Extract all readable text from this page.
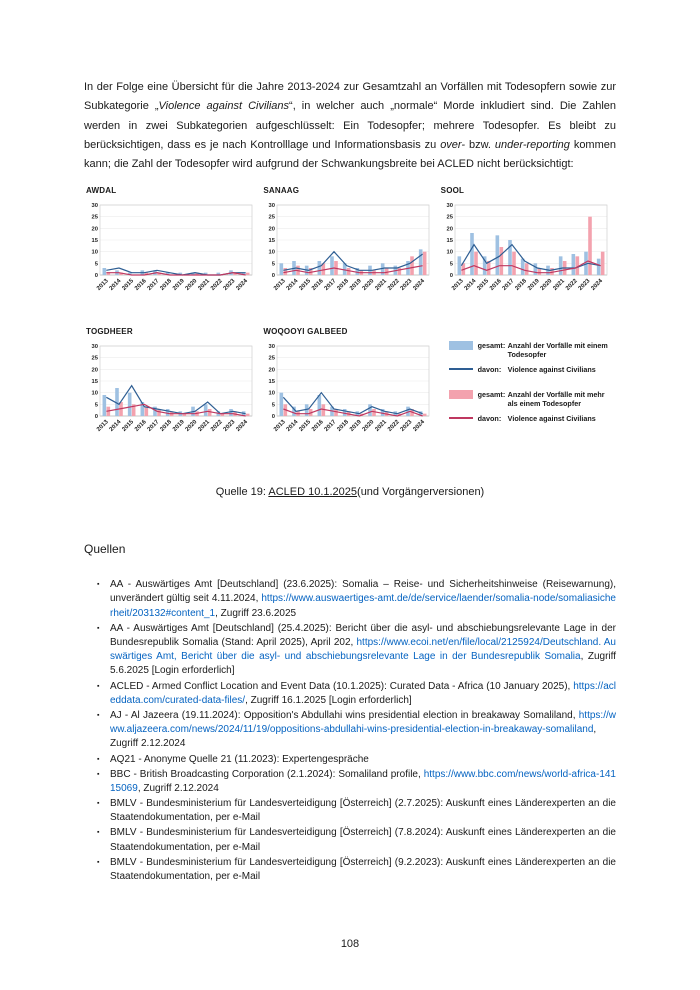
In der Folge eine Übersicht für die Jahre 2013-2024 zur Gesamtzahl an Vorfällen mit Todesopfern sowie zur Subkategorie „Violence against Civilians“, in welcher auch „normale“ Morde inkludiert sind. Die Zahlen werden in zwei Subkategorien aufgeschlüsselt: Ein Todesopfer; mehrere Todesopfer. Es bleibt zu berücksichtigen, dass es je nach Kontrolllage und Informationsbasis zu over- bzw. under-reporting kommen kann; die Zahl der Todesopfer wird aufgrund der Schwankungsbreite bei ACLED nicht berücksichtigt:

AWDAL
0
5
10
15
20
25
30
2013
2014
2015
2016
2017
2018
2019
2020
2021
2022
2023
2024
SANAAG
0
5
10
15
20
25
30
2013
2014
2015
2016
2017
2018
2019
2020
2021
2022
2023
2024
SOOL
0
5
10
15
20
25
30
2013
2014
2015
2016
2017
2018
2019
2020
2021
2022
2023
2024
TOGDHEER
0
5
10
15
20
25
30
2013
2014
2015
2016
2017
2018
2019
2020
2021
2022
2023
2024
WOQOOYI GALBEED
0
5
10
15
20
25
30
2013
2014
2015
2016
2017
2018
2019
2020
2021
2022
2023
2024
gesamt: Anzahl der Vorfälle mit einem Todesopfer
davon: Violence against Civilians
gesamt: Anzahl der Vorfälle mit mehr als einem Todesopfer
davon: Violence against Civilians
Quelle 19: ACLED 10.1.2025(und Vorgängerversionen)
Quellen
▪	AA - Auswärtiges Amt [Deutschland] (23.6.2025): Somalia – Reise- und Sicherheitshinweise (Reisewarnung), unverändert gültig seit 4.11.2024, https://www.auswaertiges-amt.de/de/service/laender/somalia-node/somaliasicherheit/203132#content_1, Zugriff 23.6.2025
▪	AA - Auswärtiges Amt [Deutschland] (25.4.2025): Bericht über die asyl- und abschiebungsrelevante Lage in der Bundesrepublik Somalia (Stand: April 2025), April 202, https://www.ecoi.net/en/file/local/2125924/Deutschland. Auswärtiges Amt, Bericht über die asyl- und abschiebungsrelevante Lage in der Bundesrepublik Somalia, Zugriff 5.6.2025 [Login erforderlich]
▪	ACLED - Armed Conflict Location and Event Data (10.1.2025): Curated Data - Africa (10 January 2025), https://acleddata.com/curated-data-files/, Zugriff 16.1.2025 [Login erforderlich]
▪	AJ - Al Jazeera (19.11.2024): Opposition's Abdullahi wins presidential election in breakaway Somaliland, https://www.aljazeera.com/news/2024/11/19/oppositions-abdullahi-wins-presidential-election-in-breakaway-somaliland, Zugriff 2.12.2024
▪	AQ21 - Anonyme Quelle 21 (11.2023): Expertengespräche
▪	BBC - British Broadcasting Corporation (2.1.2024): Somaliland profile, https://www.bbc.com/news/world-africa-14115069, Zugriff 2.12.2024
▪	BMLV - Bundesministerium für Landesverteidigung [Österreich] (2.7.2025): Auskunft eines Länderexperten an die Staatendokumentation, per e-Mail
▪	BMLV - Bundesministerium für Landesverteidigung [Österreich] (7.8.2024): Auskunft eines Länderexperten an die Staatendokumentation, per e-Mail
▪	BMLV - Bundesministerium für Landesverteidigung [Österreich] (9.2.2023): Auskunft eines Länderexperten an die Staatendokumentation, per e-Mail
108
